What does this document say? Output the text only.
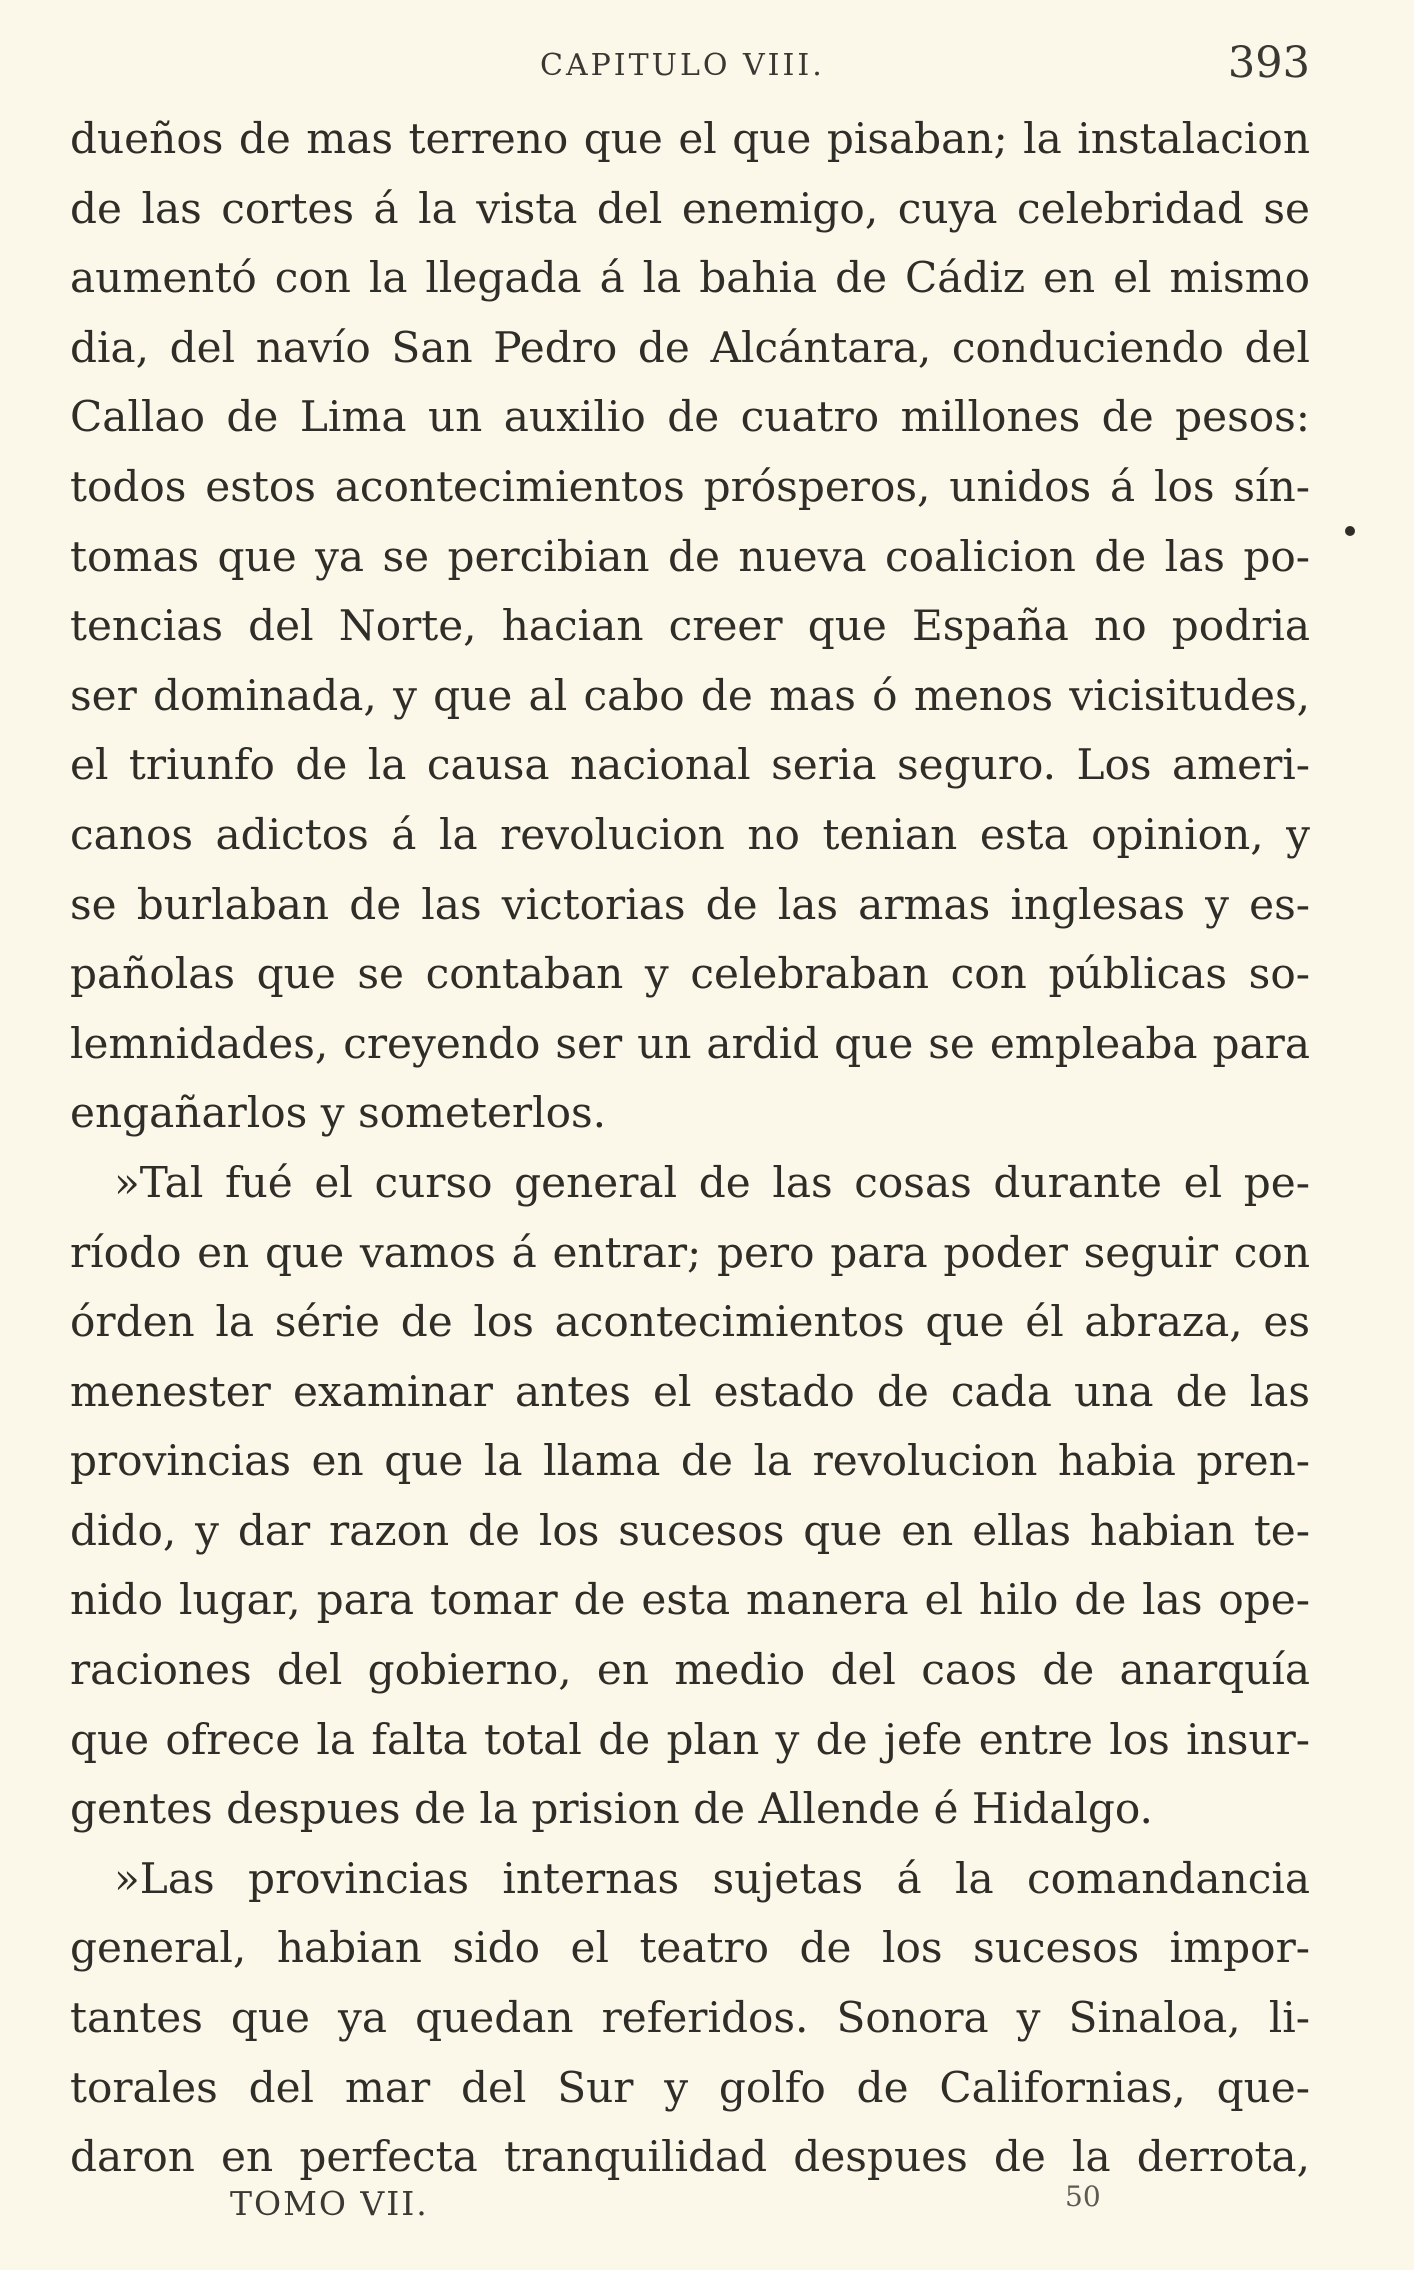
CAPITULO VIII.	393
dueños de mas terreno que el que pisaban; la instalacion
de las cortes á la vista del enemigo, cuya celebridad se
aumentó con la llegada á la bahia de Cádiz en el mismo
dia, del navío San Pedro de Alcántara, conduciendo del
Callao de Lima un auxilio de cuatro millones de pesos:
todos estos acontecimientos prósperos, unidos á los sín-
tomas que ya se percibian de nueva coalicion de las po-
tencias del Norte, hacian creer que España no podria
ser dominada, y que al cabo de mas ó menos vicisitudes,
el triunfo de la causa nacional seria seguro. Los ameri-
canos adictos á la revolucion no tenian esta opinion, y
se burlaban de las victorias de las armas inglesas y es-
pañolas que se contaban y celebraban con públicas so-
lemnidades, creyendo ser un ardid que se empleaba para
engañarlos y someterlos.
»Tal fué el curso general de las cosas durante el pe-
ríodo en que vamos á entrar; pero para poder seguir con
órden la série de los acontecimientos que él abraza, es
menester examinar antes el estado de cada una de las
provincias en que la llama de la revolucion habia pren-
dido, y dar razon de los sucesos que en ellas habian te-
nido lugar, para tomar de esta manera el hilo de las ope-
raciones del gobierno, en medio del caos de anarquía
que ofrece la falta total de plan y de jefe entre los insur-
gentes despues de la prision de Allende é Hidalgo.
»Las provincias internas sujetas á la comandancia
general, habian sido el teatro de los sucesos impor-
tantes que ya quedan referidos. Sonora y Sinaloa, li-
torales del mar del Sur y golfo de Californias, que-
daron en perfecta tranquilidad despues de la derrota,
TOMO VII.	50
